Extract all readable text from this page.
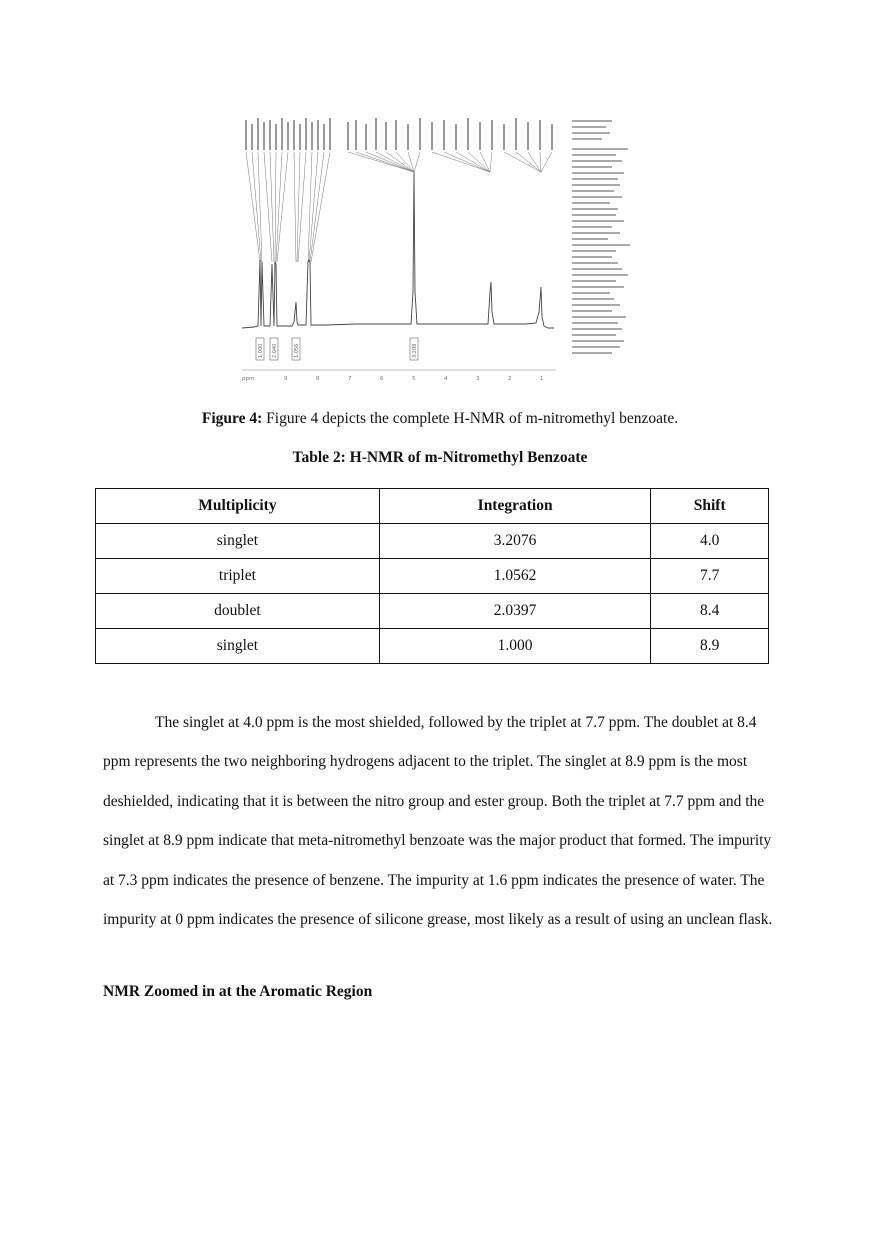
1.000 2.040	1.056	3.208
ppm	9	8	7	6	5	4	3	2	1
Figure 4: Figure 4 depicts the complete H-NMR of m-nitromethyl benzoate.
Table 2: H-NMR of m-Nitromethyl Benzoate
Multiplicity	Integration	Shift
singlet	3.2076	4.0
triplet	1.0562	7.7
doublet	2.0397	8.4
singlet	1.000	8.9
The singlet at 4.0 ppm is the most shielded, followed by the triplet at 7.7 ppm. The doublet at 8.4 ppm represents the two neighboring hydrogens adjacent to the triplet. The singlet at 8.9 ppm is the most deshielded, indicating that it is between the nitro group and ester group. Both the triplet at 7.7 ppm and the singlet at 8.9 ppm indicate that meta-nitromethyl benzoate was the major product that formed. The impurity at 7.3 ppm indicates the presence of benzene. The impurity at 1.6 ppm indicates the presence of water. The impurity at 0 ppm indicates the presence of silicone grease, most likely as a result of using an unclean flask.
NMR Zoomed in at the Aromatic Region
